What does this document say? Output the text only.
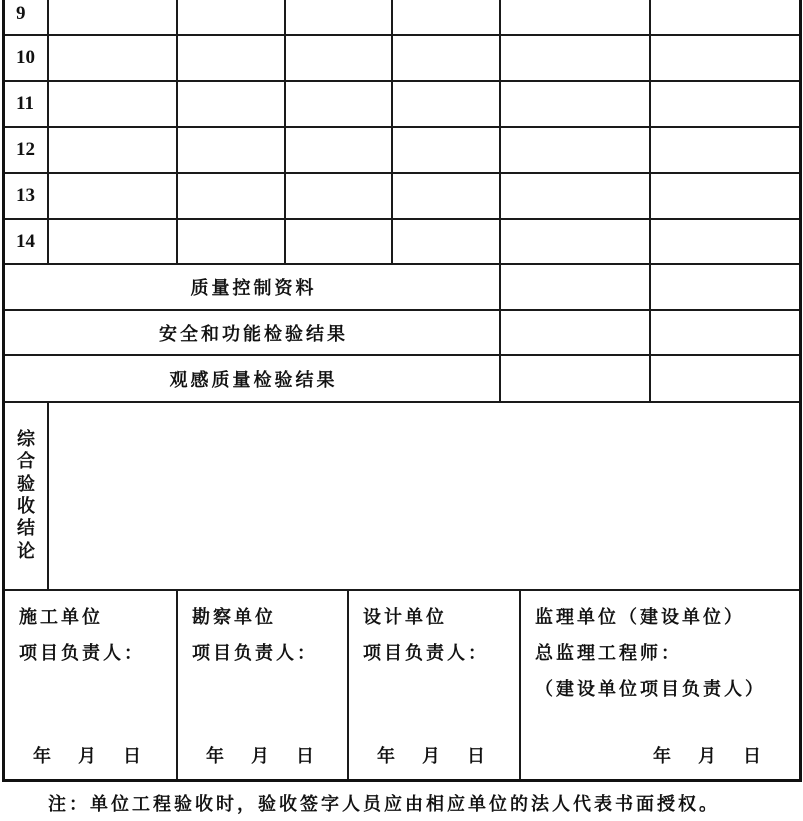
9
10
11
12
13
14
质量控制资料
安全和功能检验结果
观感质量检验结果
综合验收结论
施工单位
项目负责人：
年 月 日
勘察单位
项目负责人：
年 月 日
设计单位
项目负责人：
年 月 日
监理单位（建设单位）
总监理工程师：
（建设单位项目负责人）
年 月 日
注：单位工程验收时，验收签字人员应由相应单位的法人代表书面授权。
